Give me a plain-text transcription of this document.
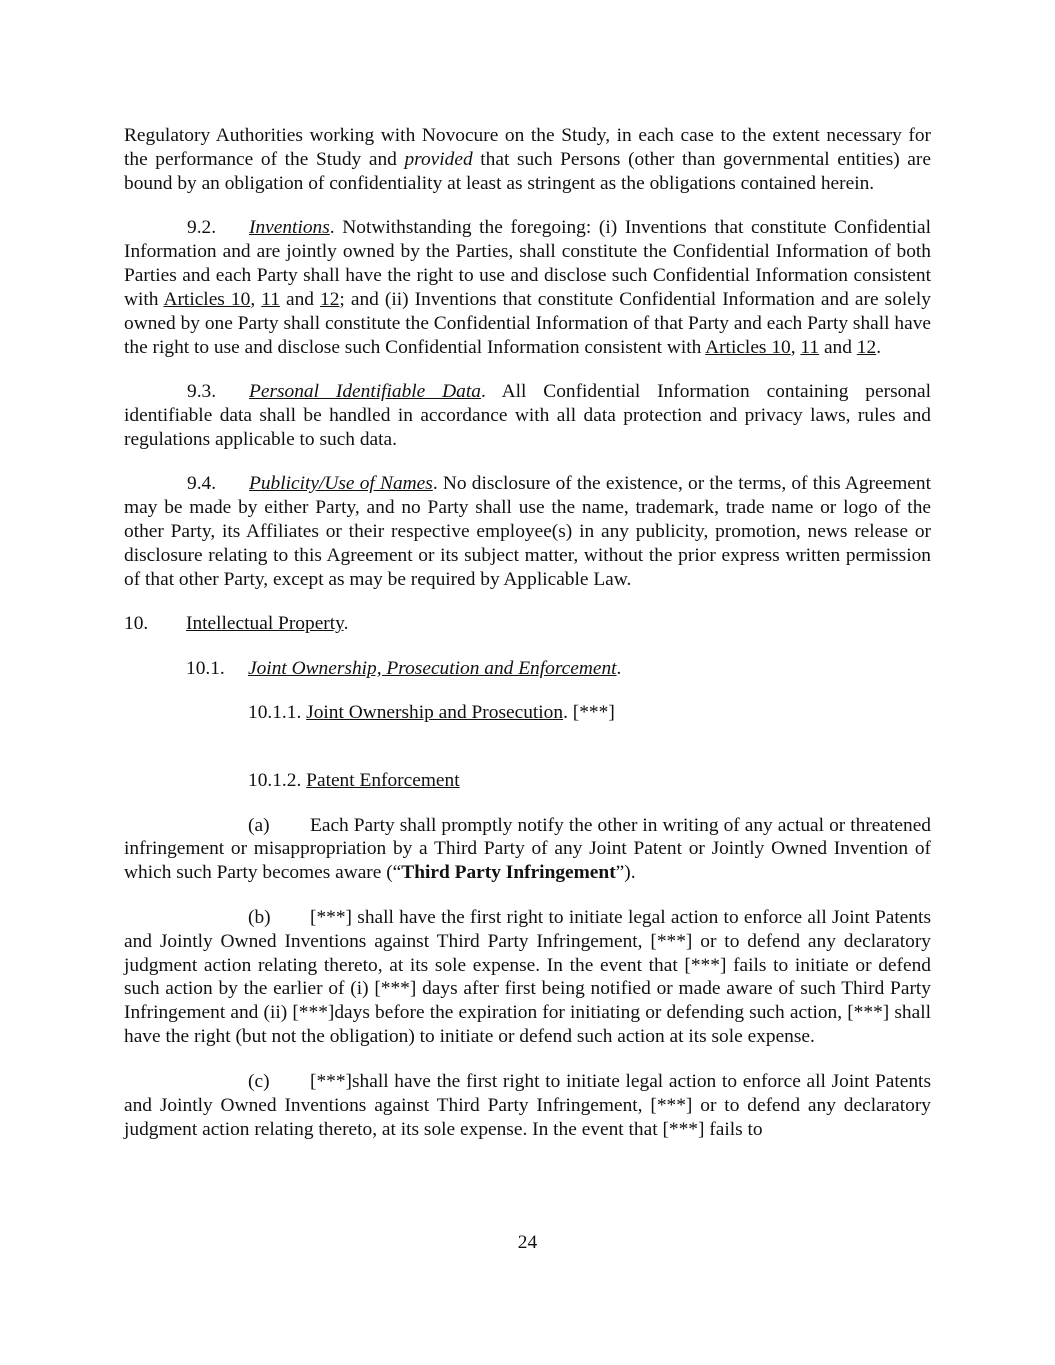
Regulatory Authorities working with Novocure on the Study, in each case to the extent necessary for the performance of the Study and provided that such Persons (other than governmental entities) are bound by an obligation of confidentiality at least as stringent as the obligations contained herein.

9.2. Inventions. Notwithstanding the foregoing: (i) Inventions that constitute Confidential Information and are jointly owned by the Parties, shall constitute the Confidential Information of both Parties and each Party shall have the right to use and disclose such Confidential Information consistent with Articles 10, 11 and 12; and (ii) Inventions that constitute Confidential Information and are solely owned by one Party shall constitute the Confidential Information of that Party and each Party shall have the right to use and disclose such Confidential Information consistent with Articles 10, 11 and 12.

9.3. Personal Identifiable Data. All Confidential Information containing personal identifiable data shall be handled in accordance with all data protection and privacy laws, rules and regulations applicable to such data.

9.4. Publicity/Use of Names. No disclosure of the existence, or the terms, of this Agreement may be made by either Party, and no Party shall use the name, trademark, trade name or logo of the other Party, its Affiliates or their respective employee(s) in any publicity, promotion, news release or disclosure relating to this Agreement or its subject matter, without the prior express written permission of that other Party, except as may be required by Applicable Law.

10. Intellectual Property.

10.1. Joint Ownership, Prosecution and Enforcement.

10.1.1. Joint Ownership and Prosecution. [***]

10.1.2. Patent Enforcement

(a) Each Party shall promptly notify the other in writing of any actual or threatened infringement or misappropriation by a Third Party of any Joint Patent or Jointly Owned Invention of which such Party becomes aware (“Third Party Infringement”).

(b) [***] shall have the first right to initiate legal action to enforce all Joint Patents and Jointly Owned Inventions against Third Party Infringement, [***] or to defend any declaratory judgment action relating thereto, at its sole expense. In the event that [***] fails to initiate or defend such action by the earlier of (i) [***] days after first being notified or made aware of such Third Party Infringement and (ii) [***]days before the expiration for initiating or defending such action, [***] shall have the right (but not the obligation) to initiate or defend such action at its sole expense.

(c) [***]shall have the first right to initiate legal action to enforce all Joint Patents and Jointly Owned Inventions against Third Party Infringement, [***] or to defend any declaratory judgment action relating thereto, at its sole expense. In the event that [***] fails to

24
